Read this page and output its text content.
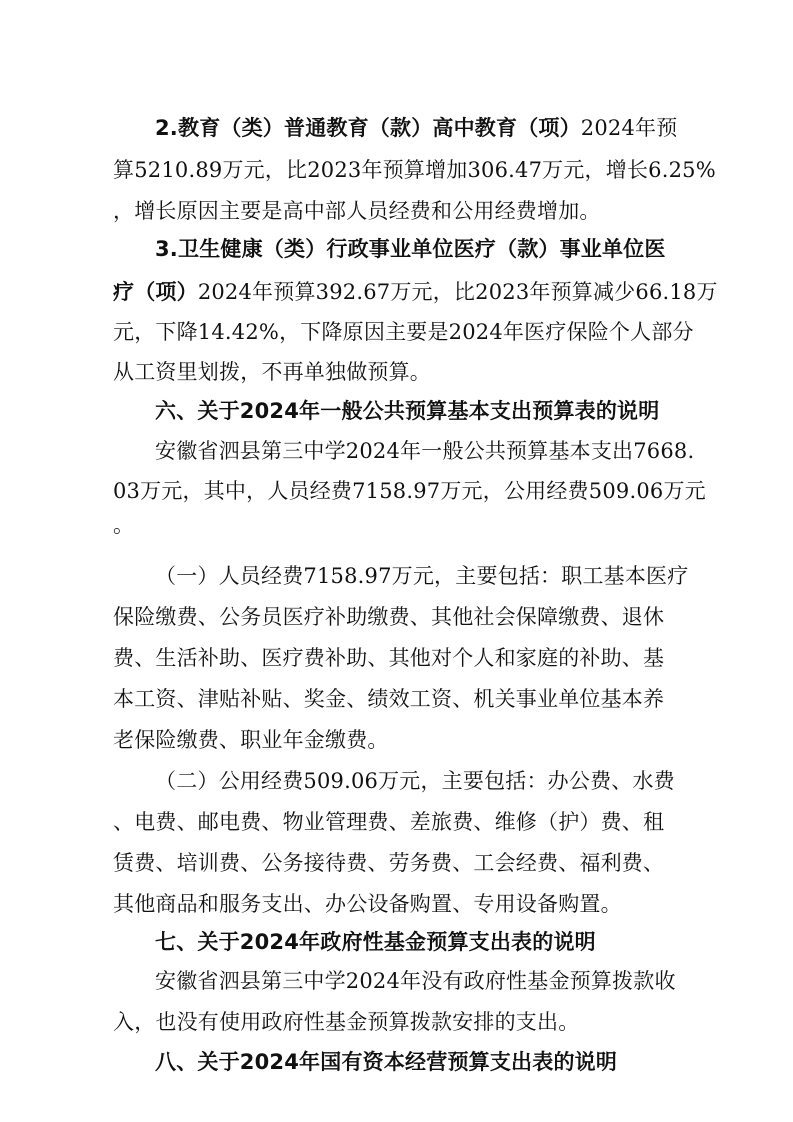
2.教育（类）普通教育（款）高中教育（项）2024年预
算5210.89万元，比2023年预算增加306.47万元，增长6.25%
，增长原因主要是高中部人员经费和公用经费增加。
3.卫生健康（类）行政事业单位医疗（款）事业单位医
疗（项）2024年预算392.67万元，比2023年预算减少66.18万
元，下降14.42%，下降原因主要是2024年医疗保险个人部分
从工资里划拨，不再单独做预算。
六、关于2024年一般公共预算基本支出预算表的说明
安徽省泗县第三中学2024年一般公共预算基本支出7668.
03万元，其中，人员经费7158.97万元，公用经费509.06万元
。
（一）人员经费7158.97万元，主要包括：职工基本医疗
保险缴费、公务员医疗补助缴费、其他社会保障缴费、退休
费、生活补助、医疗费补助、其他对个人和家庭的补助、基
本工资、津贴补贴、奖金、绩效工资、机关事业单位基本养
老保险缴费、职业年金缴费。
（二）公用经费509.06万元，主要包括：办公费、水费
、电费、邮电费、物业管理费、差旅费、维修（护）费、租
赁费、培训费、公务接待费、劳务费、工会经费、福利费、
其他商品和服务支出、办公设备购置、专用设备购置。
七、关于2024年政府性基金预算支出表的说明
安徽省泗县第三中学2024年没有政府性基金预算拨款收
入，也没有使用政府性基金预算拨款安排的支出。
八、关于2024年国有资本经营预算支出表的说明
